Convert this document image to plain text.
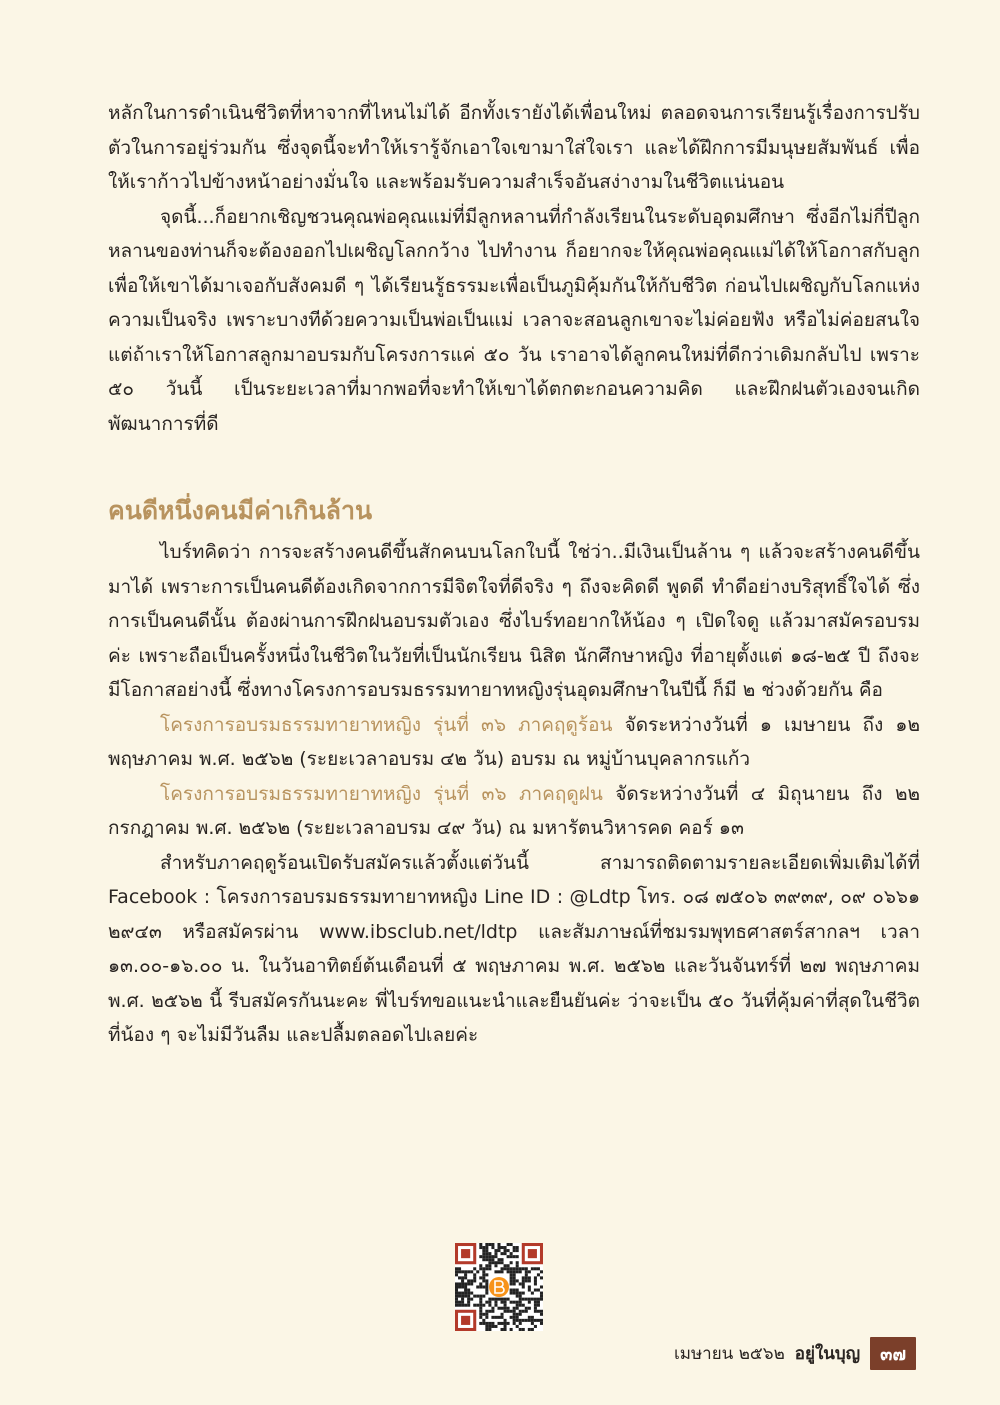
หลักในการดำเนินชีวิตที่หาจากที่ไหนไม่ได้ อีกทั้งเรายังได้เพื่อนใหม่ ตลอดจนการเรียนรู้เรื่องการปรับตัวในการอยู่ร่วมกัน ซึ่งจุดนี้จะทำให้เรารู้จักเอาใจเขามาใส่ใจเรา และได้ฝึกการมีมนุษยสัมพันธ์ เพื่อให้เราก้าวไปข้างหน้าอย่างมั่นใจ และพร้อมรับความสำเร็จอันสง่างามในชีวิตแน่นอน

จุดนี้...ก็อยากเชิญชวนคุณพ่อคุณแม่ที่มีลูกหลานที่กำลังเรียนในระดับอุดมศึกษา ซึ่งอีกไม่กี่ปีลูกหลานของท่านก็จะต้องออกไปเผชิญโลกกว้าง ไปทำงาน ก็อยากจะให้คุณพ่อคุณแม่ได้ให้โอกาสกับลูก เพื่อให้เขาได้มาเจอกับสังคมดี ๆ ได้เรียนรู้ธรรมะเพื่อเป็นภูมิคุ้มกันให้กับชีวิต ก่อนไปเผชิญกับโลกแห่งความเป็นจริง เพราะบางทีด้วยความเป็นพ่อเป็นแม่ เวลาจะสอนลูกเขาจะไม่ค่อยฟัง หรือไม่ค่อยสนใจ แต่ถ้าเราให้โอกาสลูกมาอบรมกับโครงการแค่ ๕๐ วัน เราอาจได้ลูกคนใหม่ที่ดีกว่าเดิมกลับไป เพราะ ๕๐ วันนี้ เป็นระยะเวลาที่มากพอที่จะทำให้เขาได้ตกตะกอนความคิด และฝึกฝนตัวเองจนเกิดพัฒนาการที่ดี

คนดีหนึ่งคนมีค่าเกินล้าน

ไบร์ทคิดว่า การจะสร้างคนดีขึ้นสักคนบนโลกใบนี้ ใช่ว่า..มีเงินเป็นล้าน ๆ แล้วจะสร้างคนดีขึ้นมาได้ เพราะการเป็นคนดีต้องเกิดจากการมีจิตใจที่ดีจริง ๆ ถึงจะคิดดี พูดดี ทำดีอย่างบริสุทธิ์ใจได้ ซึ่งการเป็นคนดีนั้น ต้องผ่านการฝึกฝนอบรมตัวเอง ซึ่งไบร์ทอยากให้น้อง ๆ เปิดใจดู แล้วมาสมัครอบรมค่ะ เพราะถือเป็นครั้งหนึ่งในชีวิตในวัยที่เป็นนักเรียน นิสิต นักศึกษาหญิง ที่อายุตั้งแต่ ๑๘-๒๕ ปี ถึงจะมีโอกาสอย่างนี้ ซึ่งทางโครงการอบรมธรรมทายาทหญิงรุ่นอุดมศึกษาในปีนี้ ก็มี ๒ ช่วงด้วยกัน คือ

โครงการอบรมธรรมทายาทหญิง รุ่นที่ ๓๖ ภาคฤดูร้อน จัดระหว่างวันที่ ๑ เมษายน ถึง ๑๒ พฤษภาคม พ.ศ. ๒๕๖๒ (ระยะเวลาอบรม ๔๒ วัน) อบรม ณ หมู่บ้านบุคลากรแก้ว

โครงการอบรมธรรมทายาทหญิง รุ่นที่ ๓๖ ภาคฤดูฝน จัดระหว่างวันที่ ๔ มิถุนายน ถึง ๒๒ กรกฎาคม พ.ศ. ๒๕๖๒ (ระยะเวลาอบรม ๔๙ วัน) ณ มหารัตนวิหารคด คอร์ ๑๓

สำหรับภาคฤดูร้อนเปิดรับสมัครแล้วตั้งแต่วันนี้ สามารถติดตามรายละเอียดเพิ่มเติมได้ที่ Facebook : โครงการอบรมธรรมทายาทหญิง Line ID : @Ldtp โทร. ๐๘ ๗๕๐๖ ๓๙๓๙, ๐๙ ๐๖๖๑ ๒๙๔๓ หรือสมัครผ่าน www.ibsclub.net/ldtp และสัมภาษณ์ที่ชมรมพุทธศาสตร์สากลฯ เวลา ๑๓.๐๐-๑๖.๐๐ น. ในวันอาทิตย์ต้นเดือนที่ ๕ พฤษภาคม พ.ศ. ๒๕๖๒ และวันจันทร์ที่ ๒๗ พฤษภาคม พ.ศ. ๒๕๖๒ นี้ รีบสมัครกันนะคะ พี่ไบร์ทขอแนะนำและยืนยันค่ะ ว่าจะเป็น ๕๐ วันที่คุ้มค่าที่สุดในชีวิตที่น้อง ๆ จะไม่มีวันลืม และปลื้มตลอดไปเลยค่ะ

เมษายน ๒๕๖๒ อยู่ในบุญ	๓๗
